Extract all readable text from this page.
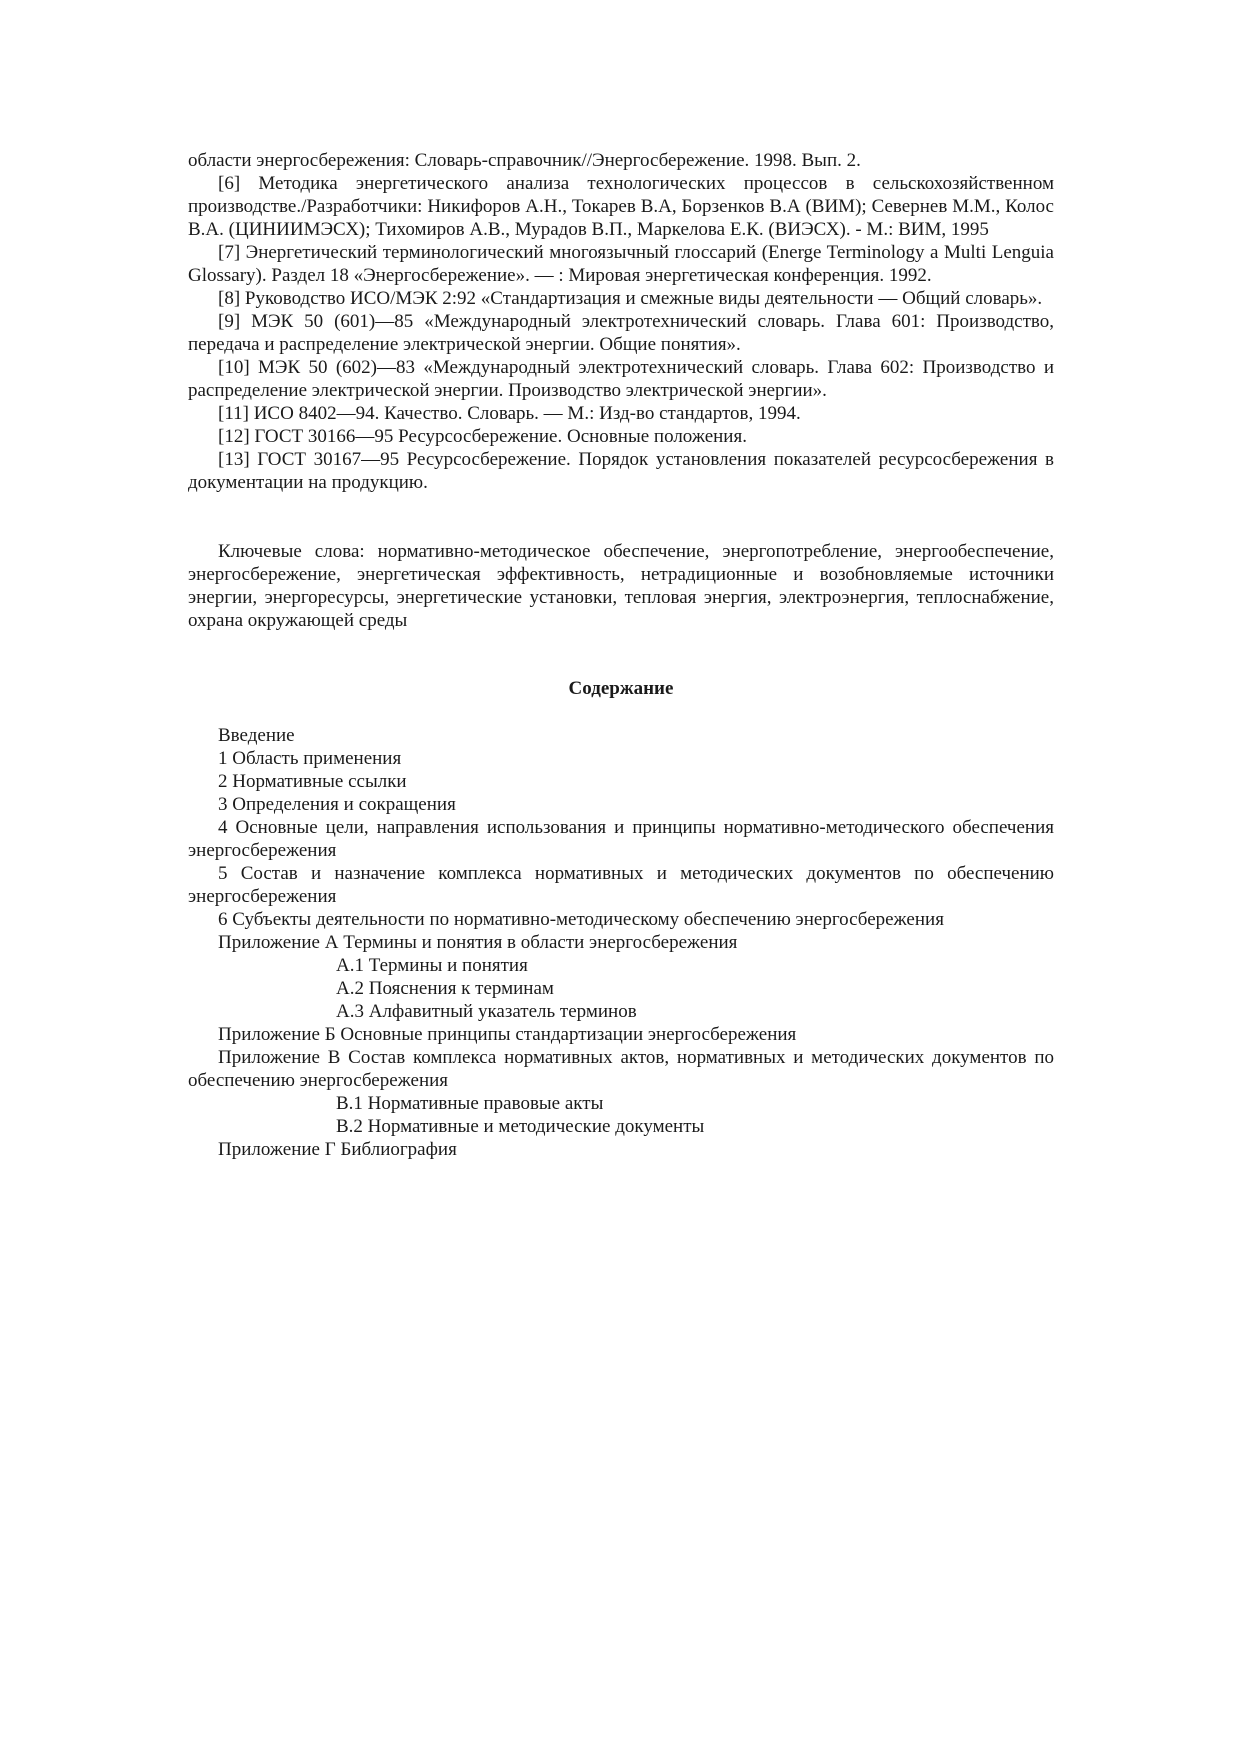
области энергосбережения: Словарь-справочник//Энергосбережение. 1998. Вып. 2.

[6] Методика энергетического анализа технологических процессов в сельскохозяйственном производстве./Разработчики: Никифоров А.Н., Токарев В.А, Борзенков В.А (ВИМ); Севернев М.М., Колос В.А. (ЦИНИИМЭСХ); Тихомиров А.В., Мурадов В.П., Маркелова Е.К. (ВИЭСХ). - М.: ВИМ, 1995

[7] Энергетический терминологический многоязычный глоссарий (Energe Terminology a Multi Lenguia Glossary). Раздел 18 «Энергосбережение». — : Мировая энергетическая конференция. 1992.

[8] Руководство ИСО/МЭК 2:92 «Стандартизация и смежные виды деятельности — Общий словарь».

[9] МЭК 50 (601)—85 «Международный электротехнический словарь. Глава 601: Производство, передача и распределение электрической энергии. Общие понятия».

[10] МЭК 50 (602)—83 «Международный электротехнический словарь. Глава 602: Производство и распределение электрической энергии. Производство электрической энергии».

[11] ИСО 8402—94. Качество. Словарь. — М.: Изд-во стандартов, 1994.

[12] ГОСТ 30166—95 Ресурсосбережение. Основные положения.

[13] ГОСТ 30167—95 Ресурсосбережение. Порядок установления показателей ресурсосбережения в документации на продукцию.

Ключевые слова: нормативно-методическое обеспечение, энергопотребление, энергообеспечение, энергосбережение, энергетическая эффективность, нетрадиционные и возобновляемые источники энергии, энергоресурсы, энергетические установки, тепловая энергия, электроэнергия, теплоснабжение, охрана окружающей среды

Содержание

Введение

1 Область применения

2 Нормативные ссылки

3 Определения и сокращения

4 Основные цели, направления использования и принципы нормативно-методического обеспечения энергосбережения

5 Состав и назначение комплекса нормативных и методических документов по обеспечению энергосбережения

6 Субъекты деятельности по нормативно-методическому обеспечению энергосбережения

Приложение А Термины и понятия в области энергосбережения

А.1 Термины и понятия

А.2 Пояснения к терминам

А.3 Алфавитный указатель терминов

Приложение Б Основные принципы стандартизации энергосбережения

Приложение В Состав комплекса нормативных актов, нормативных и методических документов по обеспечению энергосбережения

В.1 Нормативные правовые акты

В.2 Нормативные и методические документы

Приложение Г Библиография
